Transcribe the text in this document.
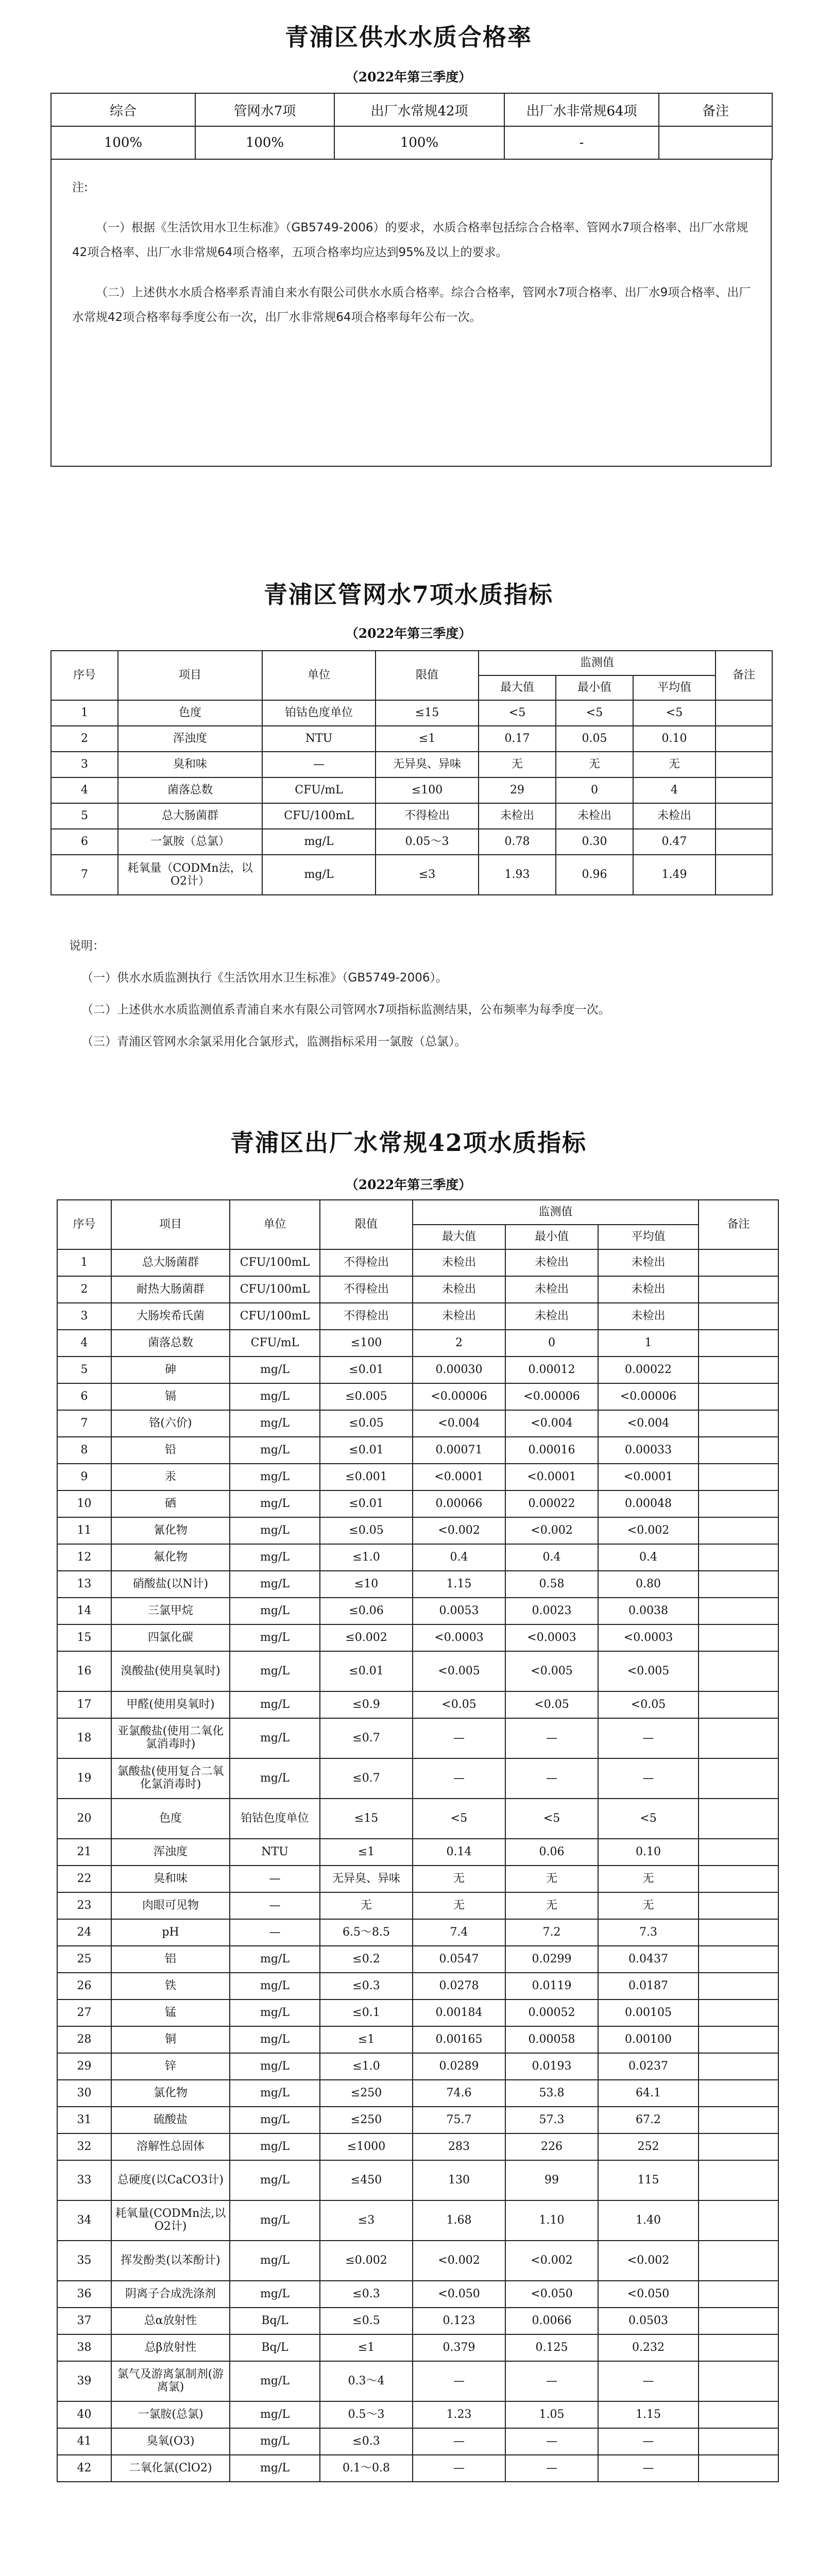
青浦区供水水质合格率
（2022年第三季度）
综合	管网水7项	出厂水常规42项	出厂水非常规64项	备注
100%	100%	100%	-	

注:

（一）根据《生活饮用水卫生标准》（GB5749-2006）的要求，水质合格率包括综合合格率、管网水7项合格率、出厂水常规42项合格率、出厂水非常规64项合格率，五项合格率均应达到95%及以上的要求。

（二）上述供水水质合格率系青浦自来水有限公司供水水质合格率。综合合格率，管网水7项合格率、出厂水9项合格率、出厂水常规42项合格率每季度公布一次，出厂水非常规64项合格率每年公布一次。

青浦区管网水7项水质指标
（2022年第三季度）
序号	项目	单位	限值	监测值			备注
				最大值	最小值	平均值	
1	色度	铂钴色度单位	≤15	<5	<5	<5	
2	浑浊度	NTU	≤1	0.17	0.05	0.10	
3	臭和味	—	无异臭、异味	无	无	无	
4	菌落总数	CFU/mL	≤100	29	0	4	
5	总大肠菌群	CFU/100mL	不得检出	未检出	未检出	未检出	
6	一氯胺（总氯）	mg/L	0.05～3	0.78	0.30	0.47	
7	耗氧量（CODMn法，以O2计）	mg/L	≤3	1.93	0.96	1.49	

说明：

（一）供水水质监测执行《生活饮用水卫生标准》（GB5749-2006）。

（二）上述供水水质监测值系青浦自来水有限公司管网水7项指标监测结果，公布频率为每季度一次。

（三）青浦区管网水余氯采用化合氯形式，监测指标采用一氯胺（总氯）。

青浦区出厂水常规42项水质指标
（2022年第三季度）
序号	项目	单位	限值	监测值			备注
				最大值	最小值	平均值	
1	总大肠菌群	CFU/100mL	不得检出	未检出	未检出	未检出	
2	耐热大肠菌群	CFU/100mL	不得检出	未检出	未检出	未检出	
3	大肠埃希氏菌	CFU/100mL	不得检出	未检出	未检出	未检出	
4	菌落总数	CFU/mL	≤100	2	0	1	
5	砷	mg/L	≤0.01	0.00030	0.00012	0.00022	
6	镉	mg/L	≤0.005	<0.00006	<0.00006	<0.00006	
7	铬(六价)	mg/L	≤0.05	<0.004	<0.004	<0.004	
8	铅	mg/L	≤0.01	0.00071	0.00016	0.00033	
9	汞	mg/L	≤0.001	<0.0001	<0.0001	<0.0001	
10	硒	mg/L	≤0.01	0.00066	0.00022	0.00048	
11	氰化物	mg/L	≤0.05	<0.002	<0.002	<0.002	
12	氟化物	mg/L	≤1.0	0.4	0.4	0.4	
13	硝酸盐(以N计)	mg/L	≤10	1.15	0.58	0.80	
14	三氯甲烷	mg/L	≤0.06	0.0053	0.0023	0.0038	
15	四氯化碳	mg/L	≤0.002	<0.0003	<0.0003	<0.0003	
16	溴酸盐(使用臭氧时)	mg/L	≤0.01	<0.005	<0.005	<0.005	
17	甲醛(使用臭氧时)	mg/L	≤0.9	<0.05	<0.05	<0.05	
18	亚氯酸盐(使用二氧化氯消毒时)	mg/L	≤0.7	—	—	—	
19	氯酸盐(使用复合二氧化氯消毒时)	mg/L	≤0.7	—	—	—	
20	色度	铂钴色度单位	≤15	<5	<5	<5	
21	浑浊度	NTU	≤1	0.14	0.06	0.10	
22	臭和味	—	无异臭、异味	无	无	无	
23	肉眼可见物	—	无	无	无	无	
24	pH	—	6.5～8.5	7.4	7.2	7.3	
25	铝	mg/L	≤0.2	0.0547	0.0299	0.0437	
26	铁	mg/L	≤0.3	0.0278	0.0119	0.0187	
27	锰	mg/L	≤0.1	0.00184	0.00052	0.00105	
28	铜	mg/L	≤1	0.00165	0.00058	0.00100	
29	锌	mg/L	≤1.0	0.0289	0.0193	0.0237	
30	氯化物	mg/L	≤250	74.6	53.8	64.1	
31	硫酸盐	mg/L	≤250	75.7	57.3	67.2	
32	溶解性总固体	mg/L	≤1000	283	226	252	
33	总硬度(以CaCO3计)	mg/L	≤450	130	99	115	
34	耗氧量(CODMn法,以O2计)	mg/L	≤3	1.68	1.10	1.40	
35	挥发酚类(以苯酚计)	mg/L	≤0.002	<0.002	<0.002	<0.002	
36	阴离子合成洗涤剂	mg/L	≤0.3	<0.050	<0.050	<0.050	
37	总α放射性	Bq/L	≤0.5	0.123	0.0066	0.0503	
38	总β放射性	Bq/L	≤1	0.379	0.125	0.232	
39	氯气及游离氯制剂(游离氯)	mg/L	0.3～4	—	—	—	
40	一氯胺(总氯)	mg/L	0.5～3	1.23	1.05	1.15	
41	臭氧(O3)	mg/L	≤0.3	—	—	—	
42	二氧化氯(ClO2)	mg/L	0.1～0.8	—	—	—	
